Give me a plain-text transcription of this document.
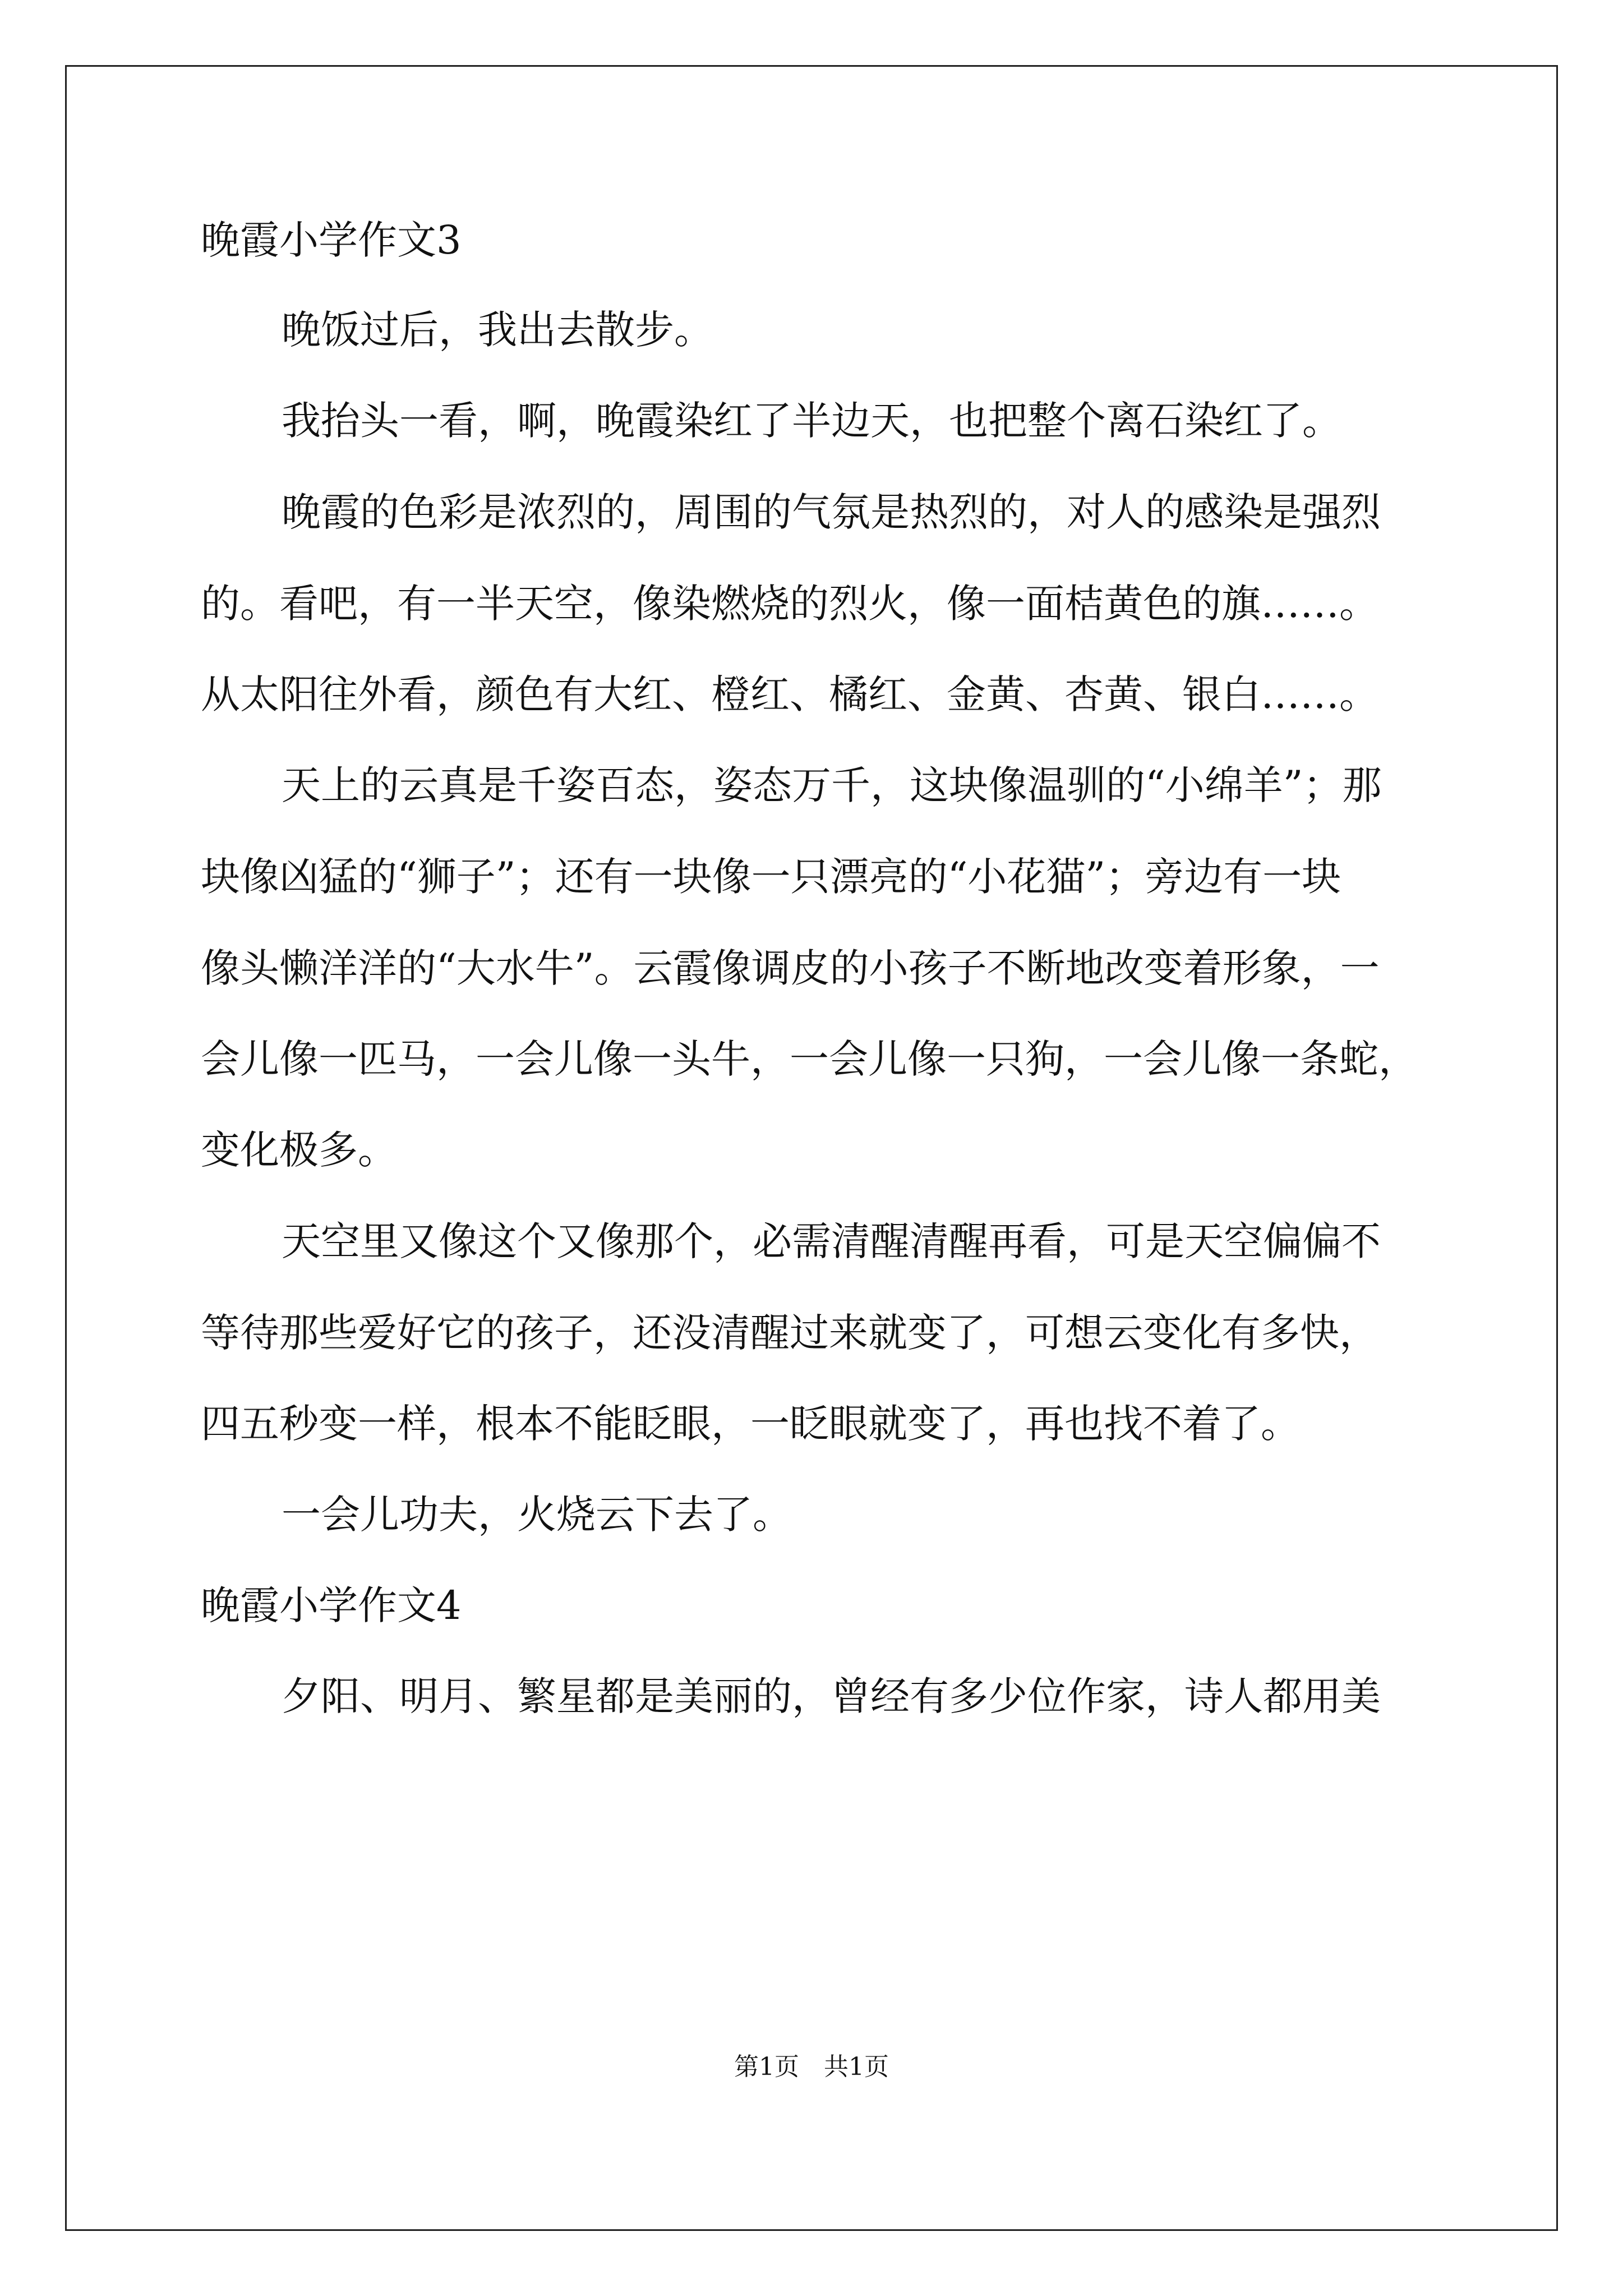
晚霞小学作文3
晚饭过后，我出去散步。
我抬头一看，啊，晚霞染红了半边天，也把整个离石染红了。
晚霞的色彩是浓烈的，周围的气氛是热烈的，对人的感染是强烈
的。看吧，有一半天空，像染燃烧的烈火，像一面桔黄色的旗……。
从太阳往外看，颜色有大红、橙红、橘红、金黄、杏黄、银白……。
天上的云真是千姿百态，姿态万千，这块像温驯的“小绵羊”；那
块像凶猛的“狮子”；还有一块像一只漂亮的“小花猫”；旁边有一块
像头懒洋洋的“大水牛”。云霞像调皮的小孩子不断地改变着形象，一
会儿像一匹马，一会儿像一头牛，一会儿像一只狗，一会儿像一条蛇，
变化极多。
天空里又像这个又像那个，必需清醒清醒再看，可是天空偏偏不
等待那些爱好它的孩子，还没清醒过来就变了，可想云变化有多快，
四五秒变一样，根本不能眨眼，一眨眼就变了，再也找不着了。
一会儿功夫，火烧云下去了。
晚霞小学作文4
夕阳、明月、繁星都是美丽的，曾经有多少位作家，诗人都用美
第1页　共1页
